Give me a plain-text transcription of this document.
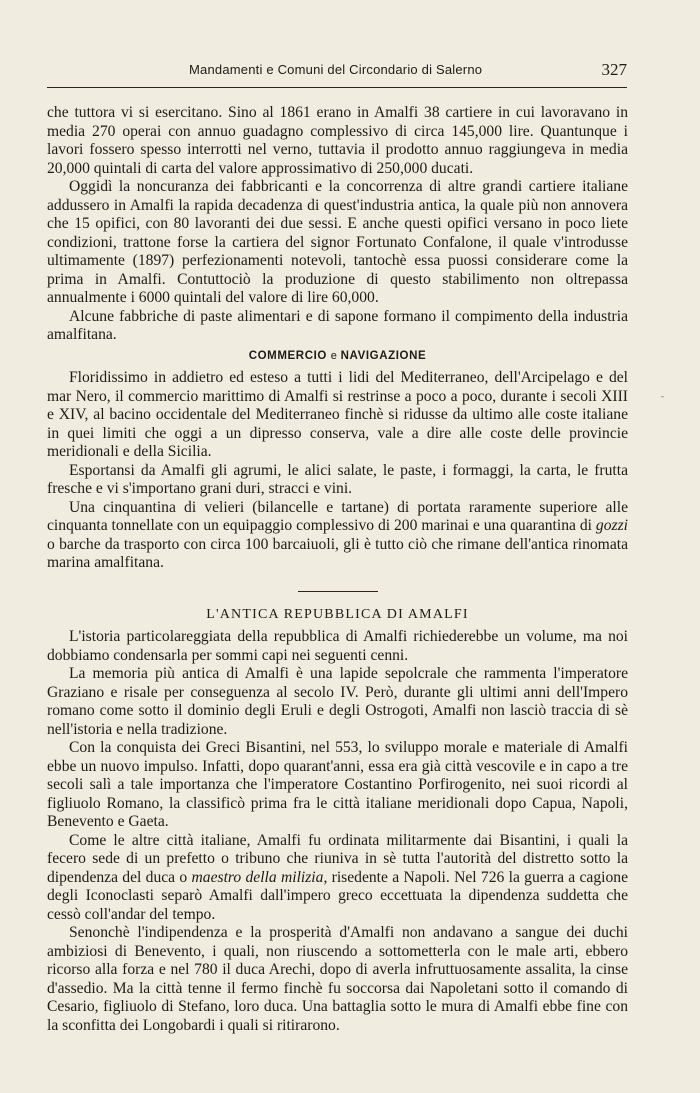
Mandamenti e Comuni del Circondario di Salerno	327
-

che tuttora vi si esercitano. Sino al 1861 erano in Amalfi 38 cartiere in cui lavoravano in media 270 operai con annuo guadagno complessivo di circa 145,000 lire. Quantunque i lavori fossero spesso interrotti nel verno, tuttavia il prodotto annuo raggiungeva in media 20,000 quintali di carta del valore approssimativo di 250,000 ducati.

Oggidì la noncuranza dei fabbricanti e la concorrenza di altre grandi cartiere italiane addussero in Amalfi la rapida decadenza di quest'industria antica, la quale più non annovera che 15 opifici, con 80 lavoranti dei due sessi. E anche questi opifici versano in poco liete condizioni, trattone forse la cartiera del signor Fortunato Confalone, il quale v'introdusse ultimamente (1897) perfezionamenti notevoli, tantochè essa puossi considerare come la prima in Amalfi. Contuttociò la produzione di questo stabilimento non oltrepassa annualmente i 6000 quintali del valore di lire 60,000.

Alcune fabbriche di paste alimentari e di sapone formano il compimento della industria amalfitana.

COMMERCIO e NAVIGAZIONE

Floridissimo in addietro ed esteso a tutti i lidi del Mediterraneo, dell'Arcipelago e del mar Nero, il commercio marittimo di Amalfi si restrinse a poco a poco, durante i secoli XIII e XIV, al bacino occidentale del Mediterraneo finchè si ridusse da ultimo alle coste italiane in quei limiti che oggi a un dipresso conserva, vale a dire alle coste delle provincie meridionali e della Sicilia.

Esportansi da Amalfi gli agrumi, le alici salate, le paste, i formaggi, la carta, le frutta fresche e vi s'importano grani duri, stracci e vini.

Una cinquantina di velieri (bilancelle e tartane) di portata raramente superiore alle cinquanta tonnellate con un equipaggio complessivo di 200 marinai e una quarantina di gozzi o barche da trasporto con circa 100 barcaiuoli, gli è tutto ciò che rimane dell'antica rinomata marina amalfitana.

L'ANTICA REPUBBLICA DI AMALFI

L'istoria particolareggiata della repubblica di Amalfi richiederebbe un volume, ma noi dobbiamo condensarla per sommi capi nei seguenti cenni.

La memoria più antica di Amalfi è una lapide sepolcrale che rammenta l'imperatore Graziano e risale per conseguenza al secolo IV. Però, durante gli ultimi anni dell'Impero romano come sotto il dominio degli Eruli e degli Ostrogoti, Amalfi non lasciò traccia di sè nell'istoria e nella tradizione.

Con la conquista dei Greci Bisantini, nel 553, lo sviluppo morale e materiale di Amalfi ebbe un nuovo impulso. Infatti, dopo quarant'anni, essa era già città vescovile e in capo a tre secoli salì a tale importanza che l'imperatore Costantino Porfirogenito, nei suoi ricordi al figliuolo Romano, la classificò prima fra le città italiane meridionali dopo Capua, Napoli, Benevento e Gaeta.

Come le altre città italiane, Amalfi fu ordinata militarmente dai Bisantini, i quali la fecero sede di un prefetto o tribuno che riuniva in sè tutta l'autorità del distretto sotto la dipendenza del duca o maestro della milizia, risedente a Napoli. Nel 726 la guerra a cagione degli Iconoclasti separò Amalfi dall'impero greco eccettuata la dipendenza suddetta che cessò coll'andar del tempo.

Senonchè l'indipendenza e la prosperità d'Amalfi non andavano a sangue dei duchi ambiziosi di Benevento, i quali, non riuscendo a sottometterla con le male arti, ebbero ricorso alla forza e nel 780 il duca Arechi, dopo di averla infruttuosamente assalita, la cinse d'assedio. Ma la città tenne il fermo finchè fu soccorsa dai Napoletani sotto il comando di Cesario, figliuolo di Stefano, loro duca. Una battaglia sotto le mura di Amalfi ebbe fine con la sconfitta dei Longobardi i quali si ritirarono.
